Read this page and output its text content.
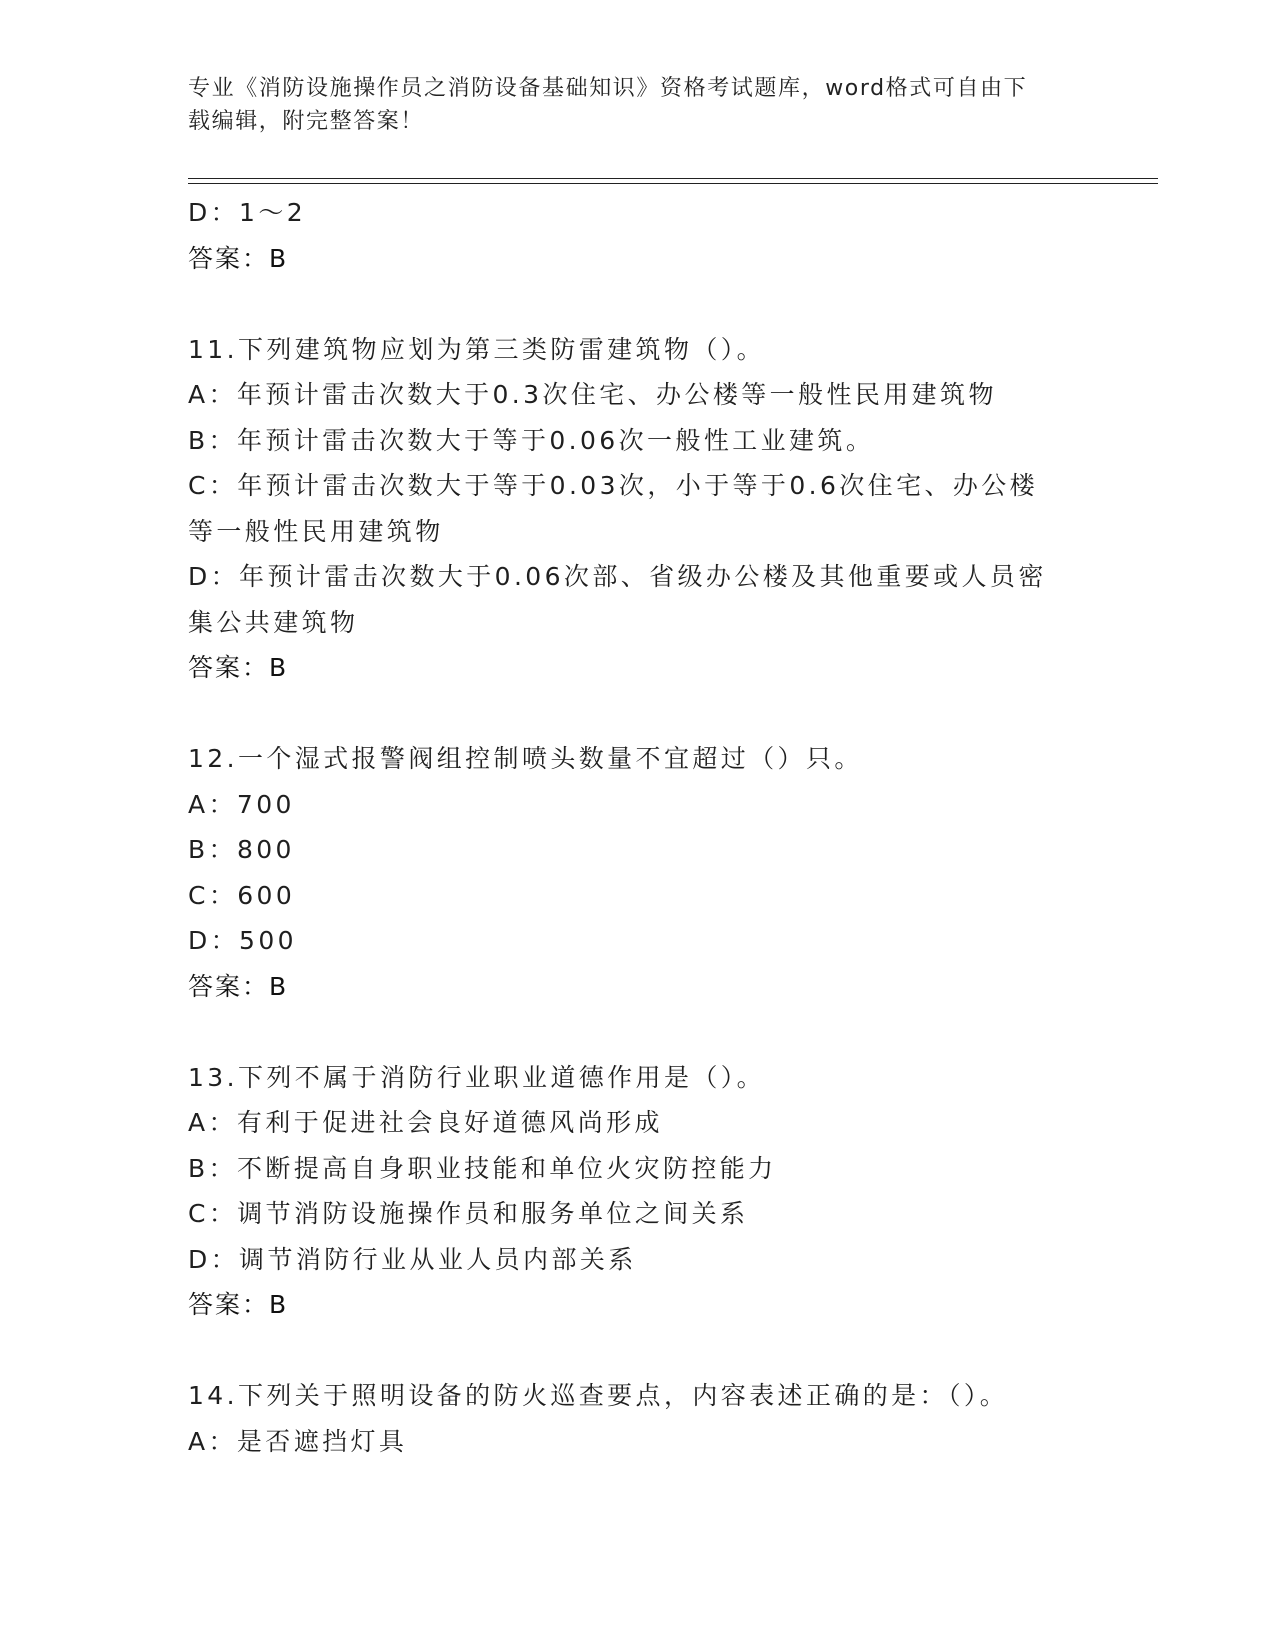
专业《消防设施操作员之消防设备基础知识》资格考试题库，word格式可自由下
载编辑，附完整答案！
D：1～2
答案：B
11.下列建筑物应划为第三类防雷建筑物（）。
A：年预计雷击次数大于0.3次住宅、办公楼等一般性民用建筑物
B：年预计雷击次数大于等于0.06次一般性工业建筑。
C：年预计雷击次数大于等于0.03次，小于等于0.6次住宅、办公楼
等一般性民用建筑物
D：年预计雷击次数大于0.06次部、省级办公楼及其他重要或人员密
集公共建筑物
答案：B
12.一个湿式报警阀组控制喷头数量不宜超过（）只。
A：700
B：800
C：600
D：500
答案：B
13.下列不属于消防行业职业道德作用是（）。
A：有利于促进社会良好道德风尚形成
B：不断提高自身职业技能和单位火灾防控能力
C：调节消防设施操作员和服务单位之间关系
D：调节消防行业从业人员内部关系
答案：B
14.下列关于照明设备的防火巡查要点，内容表述正确的是：（）。
A：是否遮挡灯具
